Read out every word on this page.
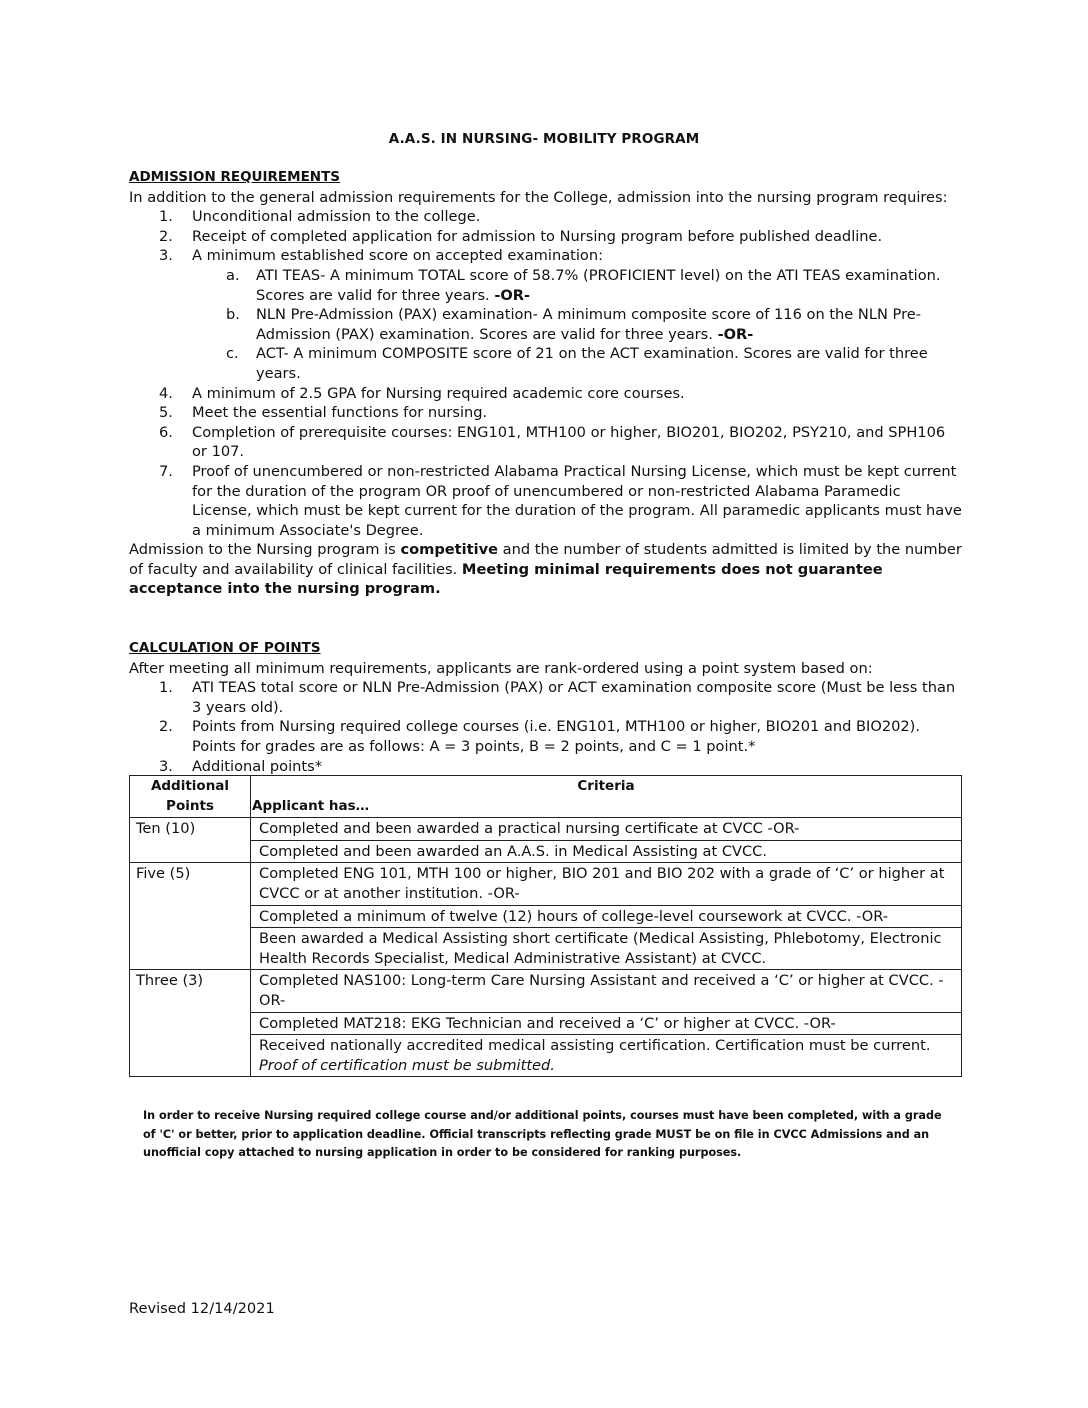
A.A.S. IN NURSING- MOBILITY PROGRAM
ADMISSION REQUIREMENTS
In addition to the general admission requirements for the College, admission into the nursing program requires:
1. Unconditional admission to the college.
2. Receipt of completed application for admission to Nursing program before published deadline.
3. A minimum established score on accepted examination:
a. ATI TEAS- A minimum TOTAL score of 58.7% (PROFICIENT level) on the ATI TEAS examination. Scores are valid for three years. -OR-
b. NLN Pre-Admission (PAX) examination- A minimum composite score of 116 on the NLN Pre-Admission (PAX) examination. Scores are valid for three years. -OR-
c. ACT- A minimum COMPOSITE score of 21 on the ACT examination. Scores are valid for three years.
4. A minimum of 2.5 GPA for Nursing required academic core courses.
5. Meet the essential functions for nursing.
6. Completion of prerequisite courses: ENG101, MTH100 or higher, BIO201, BIO202, PSY210, and SPH106 or 107.
7. Proof of unencumbered or non-restricted Alabama Practical Nursing License, which must be kept current for the duration of the program OR proof of unencumbered or non-restricted Alabama Paramedic License, which must be kept current for the duration of the program. All paramedic applicants must have a minimum Associate's Degree.
Admission to the Nursing program is competitive and the number of students admitted is limited by the number of faculty and availability of clinical facilities. Meeting minimal requirements does not guarantee acceptance into the nursing program.
CALCULATION OF POINTS
After meeting all minimum requirements, applicants are rank-ordered using a point system based on:
1. ATI TEAS total score or NLN Pre-Admission (PAX) or ACT examination composite score (Must be less than 3 years old).
2. Points from Nursing required college courses (i.e. ENG101, MTH100 or higher, BIO201 and BIO202). Points for grades are as follows: A = 3 points, B = 2 points, and C = 1 point.*
3. Additional points*
Additional Points	Criteria
Applicant has…

Ten (10)	Completed and been awarded a practical nursing certificate at CVCC -OR-
	Completed and been awarded an A.A.S. in Medical Assisting at CVCC.
Five (5)	Completed ENG 101, MTH 100 or higher, BIO 201 and BIO 202 with a grade of ‘C’ or higher at CVCC or at another institution. -OR-
	Completed a minimum of twelve (12) hours of college-level coursework at CVCC. -OR-
	Been awarded a Medical Assisting short certificate (Medical Assisting, Phlebotomy, Electronic Health Records Specialist, Medical Administrative Assistant) at CVCC.
Three (3)	Completed NAS100: Long-term Care Nursing Assistant and received a ‘C’ or higher at CVCC. -OR-
	Completed MAT218: EKG Technician and received a ‘C’ or higher at CVCC. -OR-
	Received nationally accredited medical assisting certification. Certification must be current. Proof of certification must be submitted.
In order to receive Nursing required college course and/or additional points, courses must have been completed, with a grade of 'C' or better, prior to application deadline. Official transcripts reflecting grade MUST be on file in CVCC Admissions and an unofficial copy attached to nursing application in order to be considered for ranking purposes.
Revised 12/14/2021
